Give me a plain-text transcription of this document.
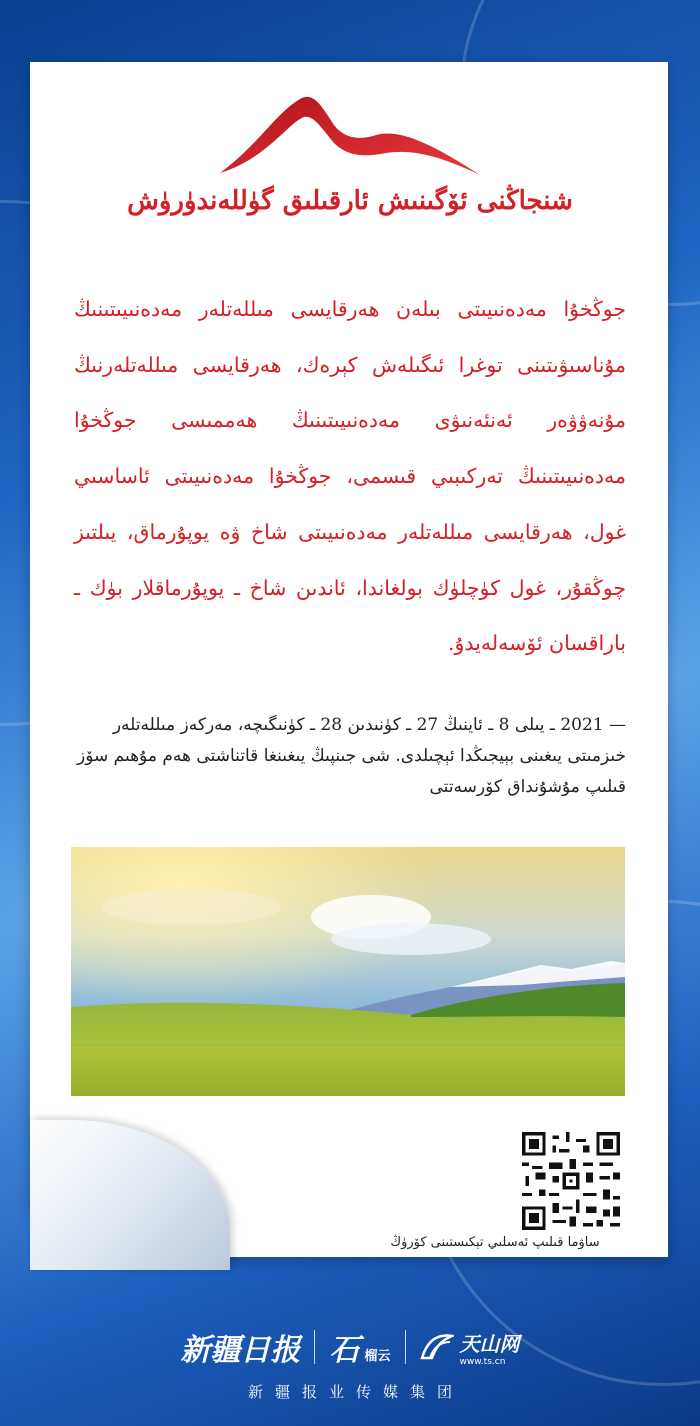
شنجاڭنى ئۆگىنىش ئارقىلىق گۈللەندۈرۈش
جوڭخۇا مەدەنىيىتى بىلەن ھەرقايسى مىللەتلەر مەدەنىيىتىنىڭ مۇناسىۋىتىنى توغرا ئىگىلەش كېرەك، ھەرقايسى مىللەتلەرنىڭ مۇنەۋۋەر ئەنئەنىۋى مەدەنىيىتىنىڭ ھەممىسى جوڭخۇا مەدەنىيىتىنىڭ تەركىبىي قىسمى، جوڭخۇا مەدەنىيىتى ئاساسىي غول، ھەرقايسى مىللەتلەر مەدەنىيىتى شاخ ۋە يوپۇرماق، يىلتىز چوڭقۇر، غول كۈچلۈك بولغاندا، ئاندىن شاخ ـ يوپۇرماقلار بۈك ـ باراقسان ئۆسەلەيدۇ.
— 2021 ـ يىلى 8 ـ ئاينىڭ 27 ـ كۈنىدىن 28 ـ كۈنىگىچە، مەركەز مىللەتلەر خىزمىتى يىغىنى بېيجىڭدا ئېچىلدى. شى جىنپىڭ يىغىنغا قاتناشتى ھەم مۇھىم سۆز قىلىپ مۇشۇنداق كۆرسەتتى
ساۋما قىلىپ ئەسلىي تېكىستىنى كۆرۈڭ
新疆日报 石 榴云
天山网
www.ts.cn
新疆报业传媒集团
